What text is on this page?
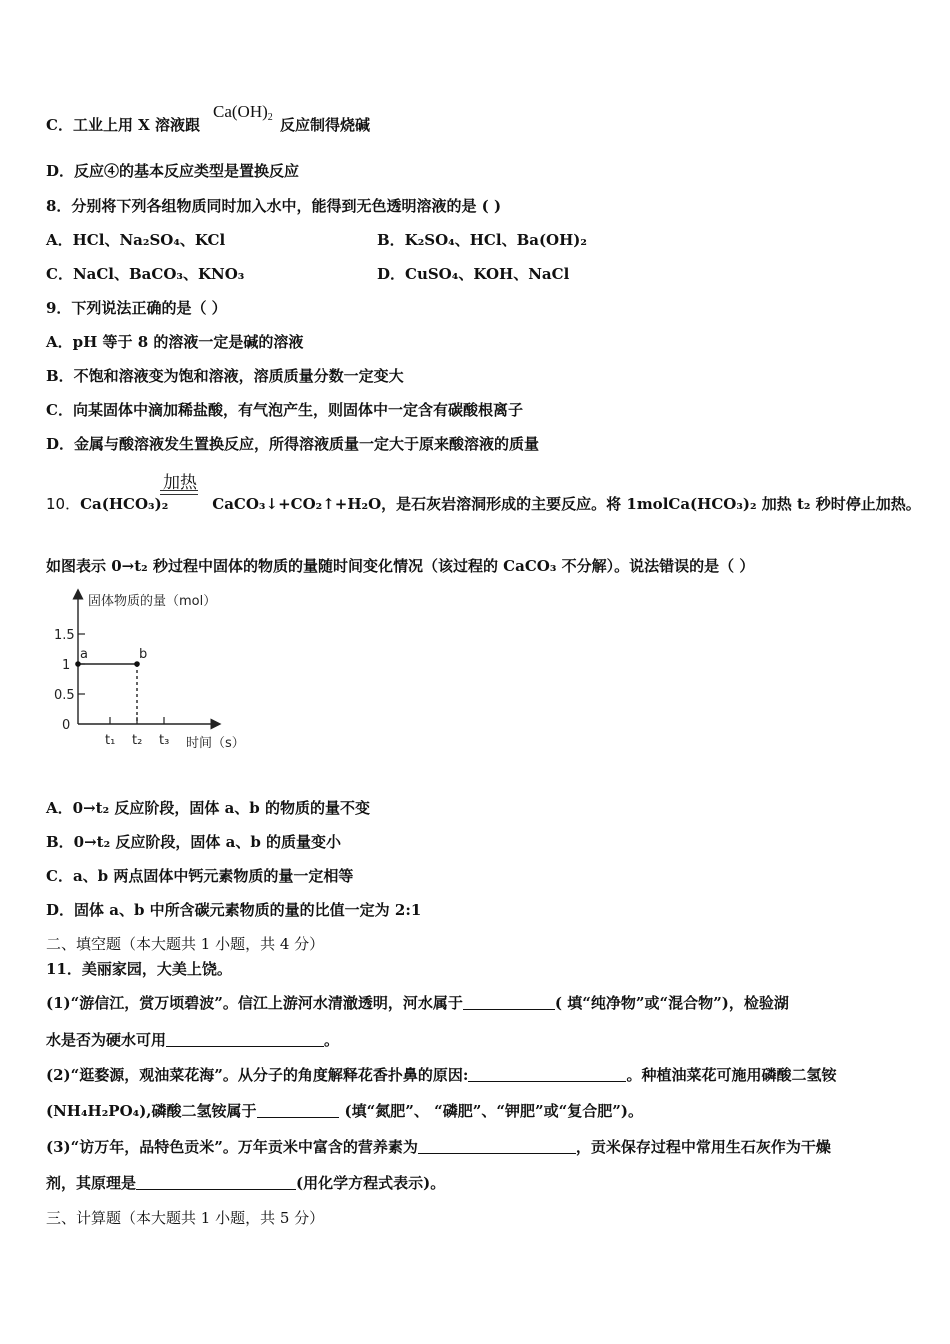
C．工业上用 X 溶液跟	反应制得烧碱
$Ca(OH)_2$
D．反应④的基本反应类型是置换反应
8．分别将下列各组物质同时加入水中，能得到无色透明溶液的是 ( )
A．HCl、Na₂SO₄、KCl	B．K₂SO₄、HCl、Ba(OH)₂
C．NaCl、BaCO₃、KNO₃	D．CuSO₄、KOH、NaCl
9．下列说法正确的是（ ）
A．pH 等于 8 的溶液一定是碱的溶液
B．不饱和溶液变为饱和溶液，溶质质量分数一定变大
C．向某固体中滴加稀盐酸，有气泡产生，则固体中一定含有碳酸根离子
D．金属与酸溶液发生置换反应，所得溶液质量一定大于原来酸溶液的质量
加热
10．Ca(HCO₃)₂	CaCO₃↓+CO₂↑+H₂O，是石灰岩溶洞形成的主要反应。将 1molCa(HCO₃)₂ 加热 t₂ 秒时停止加热。
如图表示 0→t₂ 秒过程中固体的物质的量随时间变化情况（该过程的 CaCO₃ 不分解）。说法错误的是（ ）
固体物质的量（mol）
时间（s）
1.5
1
0.5
0
t₁ t₂ t₃
a	b
A．0→t₂ 反应阶段，固体 a、b 的物质的量不变
B．0→t₂ 反应阶段，固体 a、b 的质量变小
C．a、b 两点固体中钙元素物质的量一定相等
D．固体 a、b 中所含碳元素物质的量的比值一定为 2:1
二、填空题（本大题共 1 小题，共 4 分）
11．美丽家园，大美上饶。
(1)“游信江，赏万顷碧波”。信江上游河水清澈透明，河水属于	( 填“纯净物”或“混合物”)，检验湖
水是否为硬水可用	。
(2)“逛婺源，观油菜花海”。从分子的角度解释花香扑鼻的原因:	。种植油菜花可施用磷酸二氢铵
(NH₄H₂PO₄),磷酸二氢铵属于	(填“氮肥”、 “磷肥”、“钾肥”或“复合肥”)。
(3)“访万年，品特色贡米”。万年贡米中富含的营养素为	，贡米保存过程中常用生石灰作为干燥
剂，其原理是	(用化学方程式表示)。
三、计算题（本大题共 1 小题，共 5 分）
